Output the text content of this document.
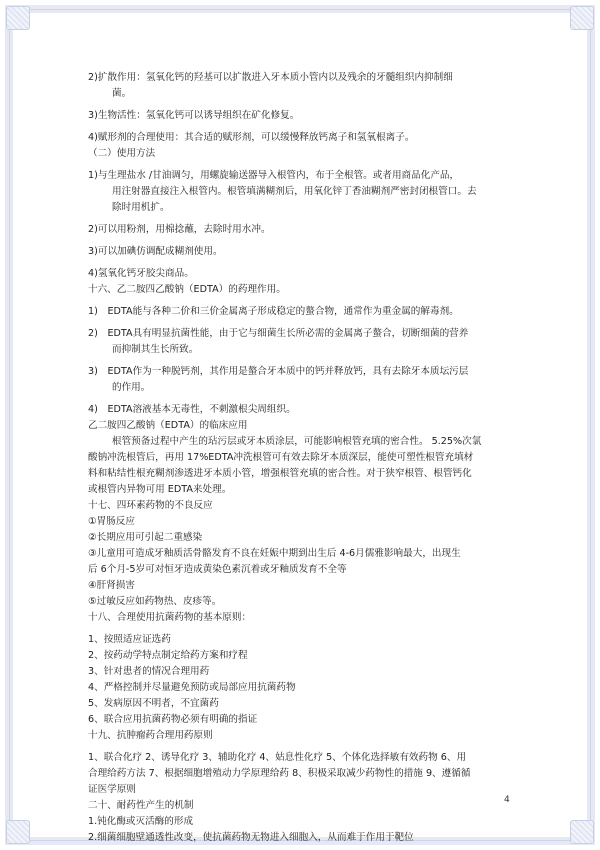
2)扩散作用：氢氧化钙的羟基可以扩散进入牙本质小管内以及残余的牙髓组织内抑制细
菌。
3)生物活性：氢氧化钙可以诱导组织在矿化修复。
4)赋形剂的合理使用：其合适的赋形剂，可以缓慢释放钙离子和氢氧根离子。
（二）使用方法
1)与生理盐水 /甘油调匀，用螺旋输送器导入根管内，布于全根管。或者用商品化产品，
用注射器直接注入根管内。根管填满糊剂后，用氧化锌丁香油糊剂严密封闭根管口。去
除时用机扩。
2)可以用粉剂，用棉捻蘸，去除时用水冲。
3)可以加碘仿调配成糊剂使用。
4)氢氧化钙牙胶尖商品。
十六、乙二胺四乙酸钠（EDTA）的药理作用。
1)　EDTA能与各种二价和三价金属离子形成稳定的螯合物，通常作为重金属的解毒剂。
2)　EDTA具有明显抗菌性能，由于它与细菌生长所必需的金属离子螯合，切断细菌的营养
而抑制其生长所致。
3)　EDTA作为一种脱钙剂，其作用是螯合牙本质中的钙并释放钙，具有去除牙本质坛污层
的作用。
4)　EDTA溶液基本无毒性，不刺激根尖周组织。
乙二胺四乙酸钠（EDTA）的临床应用
根管预备过程中产生的玷污层或牙本质涂层，可能影响根管充填的密合性。 5.25%次氯
酸钠冲洗根管后，再用 17%EDTA冲洗根管可有效去除牙本质深层，能使可塑性根管充填材
料和粘结性根充糊剂渗透进牙本质小管，增强根管充填的密合性。对于狭窄根管、根管钙化
或根管内异物可用 EDTA来处理。
十七、四环素药物的不良反应
①胃肠反应
②长期应用可引起二重感染
③儿童用可造成牙釉质活骨骼发育不良在妊娠中期到出生后 4-6月儒雅影响最大，出现生
后 6个月-5岁可对恒牙造成黄染色素沉着或牙釉质发育不全等
④肝肾损害
⑤过敏反应如药物热、皮疹等。
十八、合理使用抗菌药物的基本原则：
1、按照适应证选药
2、按药动学特点制定给药方案和疗程
3、针对患者的情况合理用药
4、严格控制并尽量避免预防或局部应用抗菌药物
5、发病原因不明者，不宜菌药
6、联合应用抗菌药物必须有明确的指证
十九、抗肿瘤药合理用药原则
1、联合化疗 2、诱导化疗 3、辅助化疗 4、姑息性化疗 5、个体化选择敏有效药物 6、用
合理给药方法 7、根据细胞增殖动力学原理给药 8、积极采取减少药物性的措施 9、遵循循
证医学原则
二十、耐药性产生的机制
1.钝化酶或灭活酶的形成
2.细菌细胞壁通透性改变，使抗菌药物无物进入细胞入，从而难于作用于靶位
4
